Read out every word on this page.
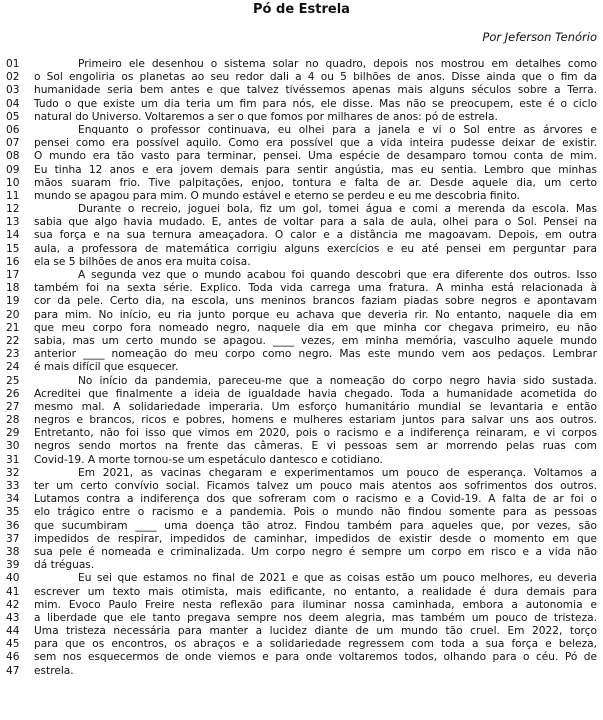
Pó de Estrela
Por Jeferson Tenório
01	Primeiro ele desenhou o sistema solar no quadro, depois nos mostrou em detalhes como
02	o Sol engoliria os planetas ao seu redor dali a 4 ou 5 bilhões de anos. Disse ainda que o fim da
03	humanidade seria bem antes e que talvez tivéssemos apenas mais alguns séculos sobre a Terra.
04	Tudo o que existe um dia teria um fim para nós, ele disse. Mas não se preocupem, este é o ciclo
05	natural do Universo. Voltaremos a ser o que fomos por milhares de anos: pó de estrela.
06	Enquanto o professor continuava, eu olhei para a janela e vi o Sol entre as árvores e
07	pensei como era possível aquilo. Como era possível que a vida inteira pudesse deixar de existir.
08	O mundo era tão vasto para terminar, pensei. Uma espécie de desamparo tomou conta de mim.
09	Eu tinha 12 anos e era jovem demais para sentir angústia, mas eu sentia. Lembro que minhas
10	mãos suaram frio. Tive palpitações, enjoo, tontura e falta de ar. Desde aquele dia, um certo
11	mundo se apagou para mim. O mundo estável e eterno se perdeu e eu me descobria finito.
12	Durante o recreio, joguei bola, fiz um gol, tomei água e comi a merenda da escola. Mas
13	sabia que algo havia mudado. E, antes de voltar para a sala de aula, olhei para o Sol. Pensei na
14	sua força e na sua ternura ameaçadora. O calor e a distância me magoavam. Depois, em outra
15	aula, a professora de matemática corrigiu alguns exercícios e eu até pensei em perguntar para
16	ela se 5 bilhões de anos era muita coisa.
17	A segunda vez que o mundo acabou foi quando descobri que era diferente dos outros. Isso
18	também foi na sexta série. Explico. Toda vida carrega uma fratura. A minha está relacionada à
19	cor da pele. Certo dia, na escola, uns meninos brancos faziam piadas sobre negros e apontavam
20	para mim. No início, eu ria junto porque eu achava que deveria rir. No entanto, naquele dia em
21	que meu corpo fora nomeado negro, naquele dia em que minha cor chegava primeiro, eu não
22	sabia, mas um certo mundo se apagou. ____ vezes, em minha memória, vasculho aquele mundo
23	anterior ____ nomeação do meu corpo como negro. Mas este mundo vem aos pedaços. Lembrar
24	é mais difícil que esquecer.
25	No início da pandemia, pareceu-me que a nomeação do corpo negro havia sido sustada.
26	Acreditei que finalmente a ideia de igualdade havia chegado. Toda a humanidade acometida do
27	mesmo mal. A solidariedade imperaria. Um esforço humanitário mundial se levantaria e então
28	negros e brancos, ricos e pobres, homens e mulheres estariam juntos para salvar uns aos outros.
29	Entretanto, não foi isso que vimos em 2020, pois o racismo e a indiferença reinaram, e vi corpos
30	negros sendo mortos na frente das câmeras. E vi pessoas sem ar morrendo pelas ruas com
31	Covid-19. A morte tornou-se um espetáculo dantesco e cotidiano.
32	Em 2021, as vacinas chegaram e experimentamos um pouco de esperança. Voltamos a
33	ter um certo convívio social. Ficamos talvez um pouco mais atentos aos sofrimentos dos outros.
34	Lutamos contra a indiferença dos que sofreram com o racismo e a Covid-19. A falta de ar foi o
35	elo trágico entre o racismo e a pandemia. Pois o mundo não findou somente para as pessoas
36	que sucumbiram ____ uma doença tão atroz. Findou também para aqueles que, por vezes, são
37	impedidos de respirar, impedidos de caminhar, impedidos de existir desde o momento em que
38	sua pele é nomeada e criminalizada. Um corpo negro é sempre um corpo em risco e a vida não
39	dá tréguas.
40	Eu sei que estamos no final de 2021 e que as coisas estão um pouco melhores, eu deveria
41	escrever um texto mais otimista, mais edificante, no entanto, a realidade é dura demais para
42	mim. Evoco Paulo Freire nesta reflexão para iluminar nossa caminhada, embora a autonomia e
43	a liberdade que ele tanto pregava sempre nos deem alegria, mas também um pouco de tristeza.
44	Uma tristeza necessária para manter a lucidez diante de um mundo tão cruel. Em 2022, torço
45	para que os encontros, os abraços e a solidariedade regressem com toda a sua força e beleza,
46	sem nos esquecermos de onde viemos e para onde voltaremos todos, olhando para o céu. Pó de
47	estrela.
